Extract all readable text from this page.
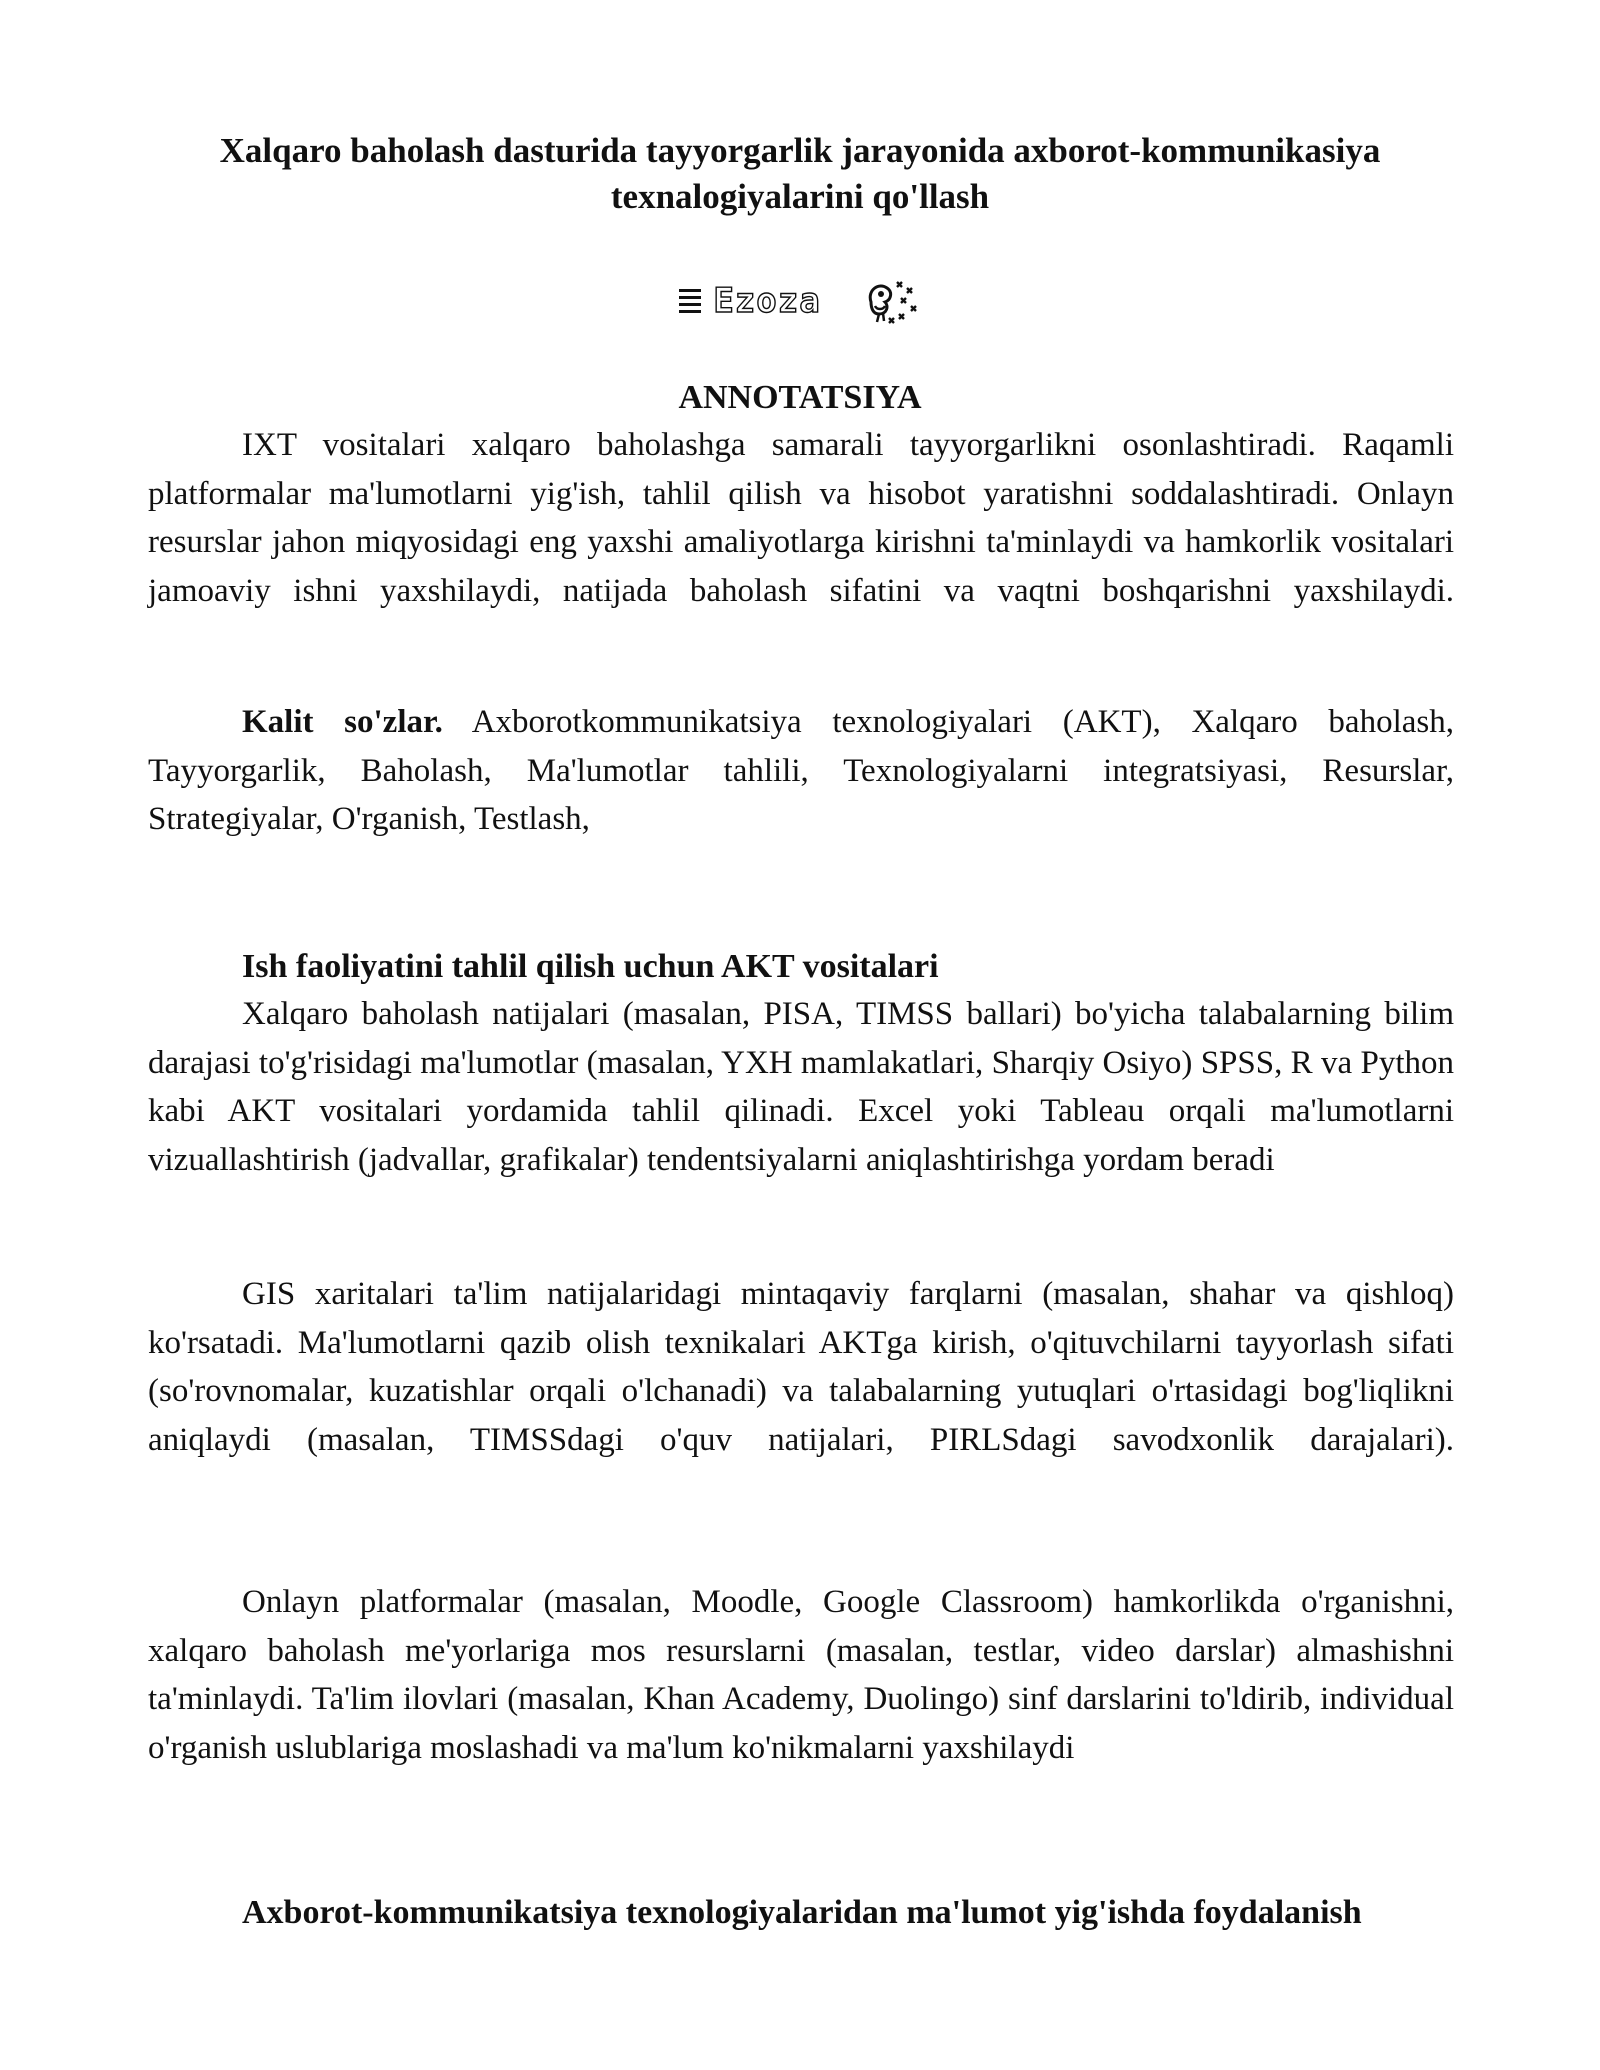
Xalqaro baholash dasturida tayyorgarlik jarayonida axborot-kommunikasiya
texnalogiyalarini qo'llash
Ezoza
ANNOTATSIYA
IXT vositalari xalqaro baholashga samarali tayyorgarlikni osonlashtiradi. Raqamli platformalar ma'lumotlarni yig'ish, tahlil qilish va hisobot yaratishni soddalashtiradi. Onlayn resurslar jahon miqyosidagi eng yaxshi amaliyotlarga kirishni ta'minlaydi va hamkorlik vositalari jamoaviy ishni yaxshilaydi, natijada baholash sifatini va vaqtni boshqarishni yaxshilaydi.
Kalit so'zlar. Axborotkommunikatsiya texnologiyalari (AKT), Xalqaro baholash, Tayyorgarlik, Baholash, Ma'lumotlar tahlili, Texnologiyalarni integratsiyasi, Resurslar, Strategiyalar, O'rganish, Testlash,
Ish faoliyatini tahlil qilish uchun AKT vositalari
Xalqaro baholash natijalari (masalan, PISA, TIMSS ballari) bo'yicha talabalarning bilim darajasi to'g'risidagi ma'lumotlar (masalan, YXH mamlakatlari, Sharqiy Osiyo) SPSS, R va Python kabi AKT vositalari yordamida tahlil qilinadi. Excel yoki Tableau orqali ma'lumotlarni vizuallashtirish (jadvallar, grafikalar) tendentsiyalarni aniqlashtirishga yordam beradi
GIS xaritalari ta'lim natijalaridagi mintaqaviy farqlarni (masalan, shahar va qishloq) ko'rsatadi. Ma'lumotlarni qazib olish texnikalari AKTga kirish, o'qituvchilarni tayyorlash sifati (so'rovnomalar, kuzatishlar orqali o'lchanadi) va talabalarning yutuqlari o'rtasidagi bog'liqlikni aniqlaydi (masalan, TIMSSdagi o'quv natijalari, PIRLSdagi savodxonlik darajalari).
Onlayn platformalar (masalan, Moodle, Google Classroom) hamkorlikda o'rganishni, xalqaro baholash me'yorlariga mos resurslarni (masalan, testlar, video darslar) almashishni ta'minlaydi. Ta'lim ilovlari (masalan, Khan Academy, Duolingo) sinf darslarini to'ldirib, individual o'rganish uslublariga moslashadi va ma'lum ko'nikmalarni yaxshilaydi
Axborot-kommunikatsiya texnologiyalaridan ma'lumot yig'ishda foydalanish
